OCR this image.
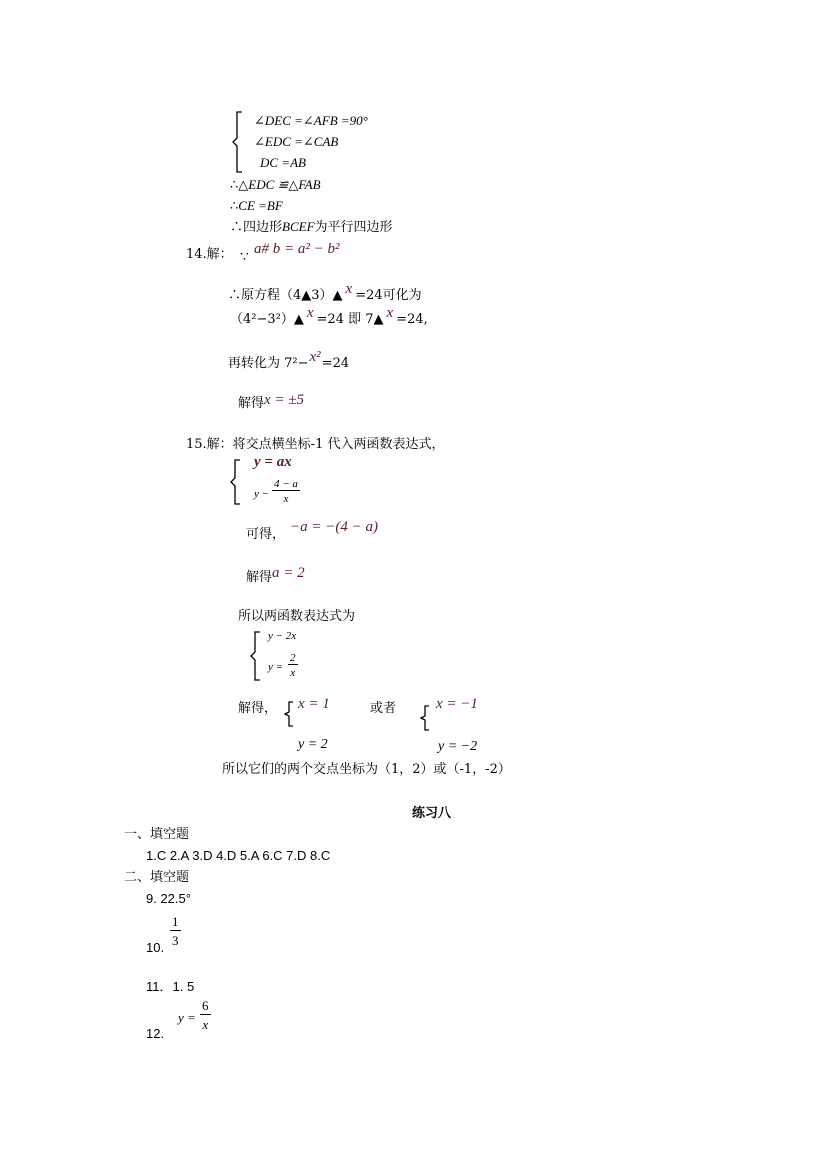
∠DEC =∠AFB =90°
∠EDC =∠CAB
DC =AB
∴△EDC ≌△FAB
∴CE =BF
∴四边形BCEF为平行四边形
14.解： ∵ a# b = a² − b²
∴原方程（4▲3）▲ x =24可化为
（4²−3²）▲ x =24 即 7▲ x =24,
再转化为 7²−x²=24
解得x = ±5
15.解：将交点横坐标-1 代入两函数表达式，
y = ax
$y - \frac{4 - a}{x}$
可得， −a = −(4 − a)
解得a = 2
所以两函数表达式为
y − 2x
$y = \frac{2}{x}$
解得， x = 1
y = 2
或者	x = −1
y = −2
所以它们的两个交点坐标为（1，2）或（-1，-2）
练习八
一、填空题
1.C 2.A 3.D 4.D 5.A 6.C 7.D 8.C
二、填空题
9. 22.5°
$\frac{1}{3}$
10.
11．1. 5
$y = \frac{6}{x}$
12.
